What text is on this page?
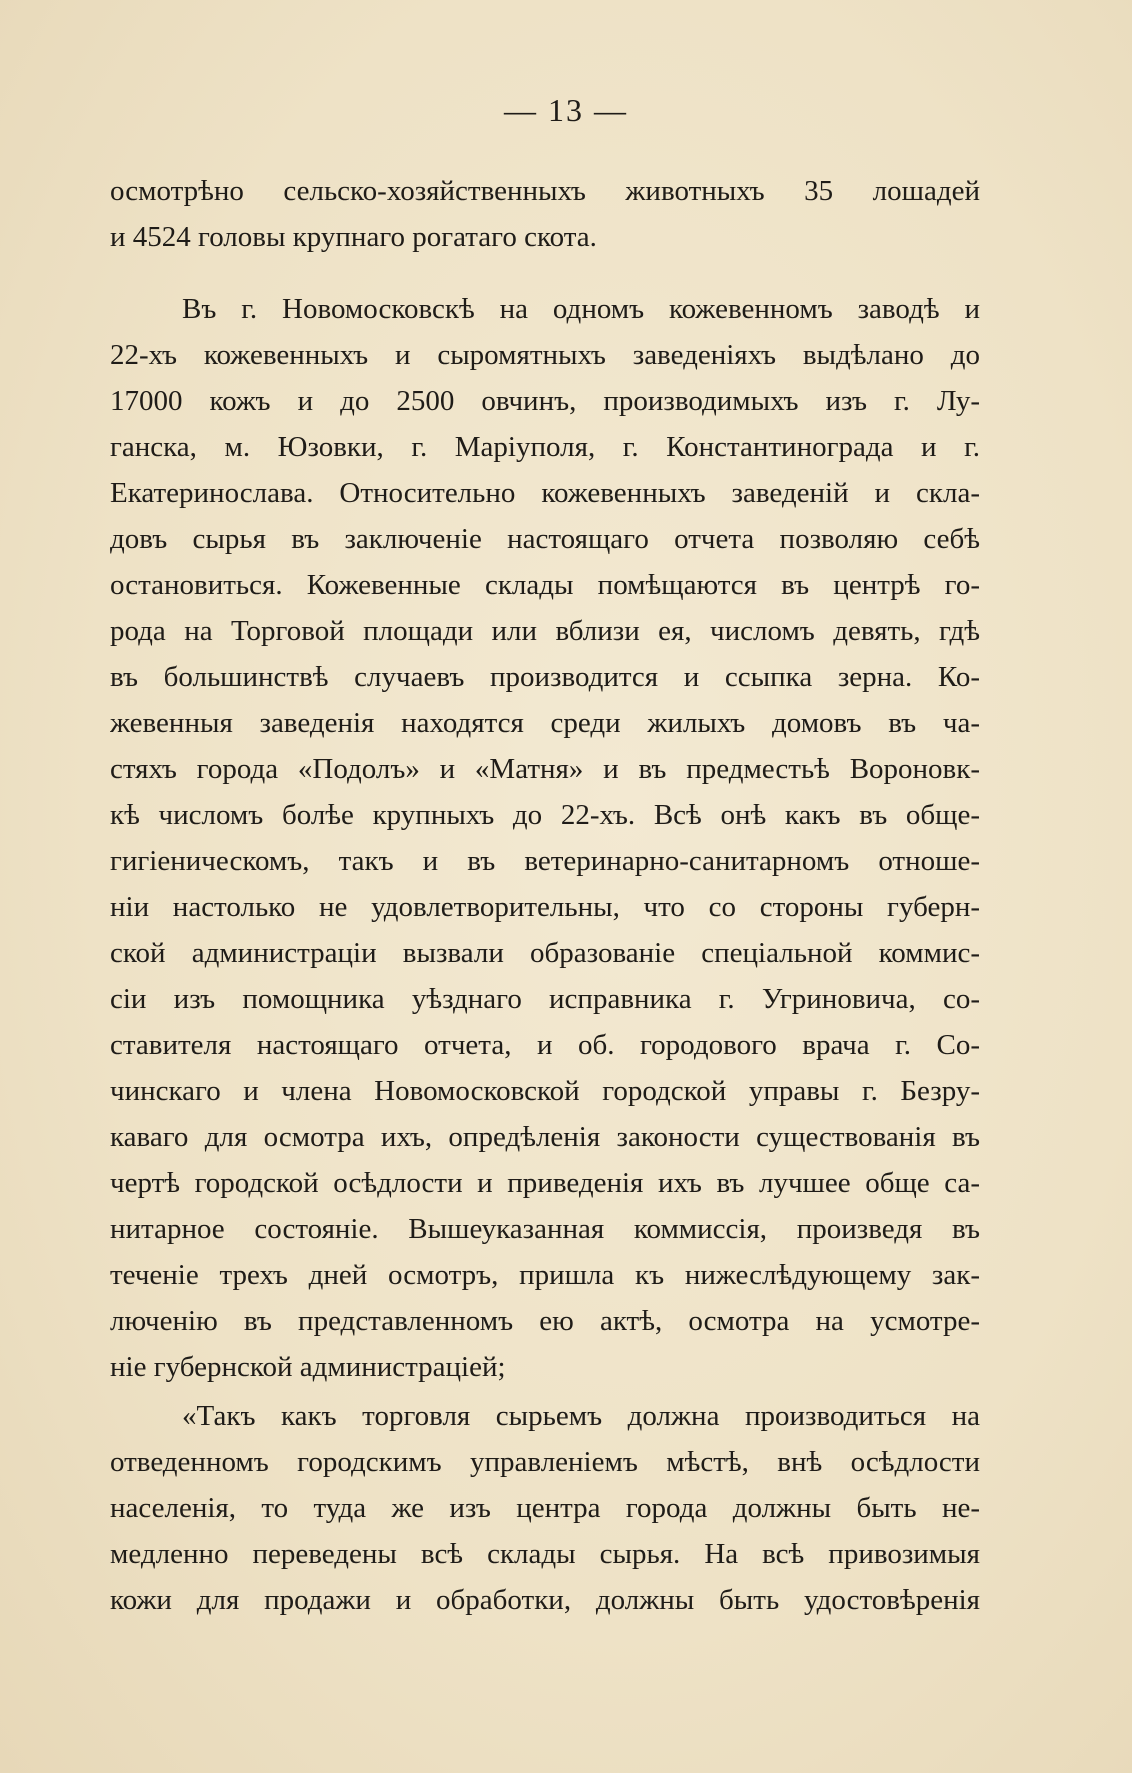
— 13 —
осмотрѣно сельско-хозяйственныхъ животныхъ 35 лошадей
и 4524 головы крупнаго рогатаго скота.
Въ г. Новомосковскѣ на одномъ кожевенномъ заводѣ и
22-хъ кожевенныхъ и сыромятныхъ заведеніяхъ выдѣлано до
17000 кожъ и до 2500 овчинъ, производимыхъ изъ г. Лу-
ганска, м. Юзовки, г. Маріуполя, г. Константинограда и г.
Екатеринослава. Относительно кожевенныхъ заведеній и скла-
довъ сырья въ заключеніе настоящаго отчета позволяю себѣ
остановиться. Кожевенные склады помѣщаются въ центрѣ го-
рода на Торговой площади или вблизи ея, числомъ девять, гдѣ
въ большинствѣ случаевъ производится и ссыпка зерна. Ко-
жевенныя заведенія находятся среди жилыхъ домовъ въ ча-
стяхъ города «Подолъ» и «Матня» и въ предместьѣ Вороновк-
кѣ числомъ болѣе крупныхъ до 22-хъ. Всѣ онѣ какъ въ обще-
гигіеническомъ, такъ и въ ветеринарно-санитарномъ отноше-
ніи настолько не удовлетворительны, что со стороны губерн-
ской администраціи вызвали образованіе спеціальной коммис-
сіи изъ помощника уѣзднаго исправника г. Угриновича, со-
ставителя настоящаго отчета, и об. городового врача г. Со-
чинскаго и члена Новомосковской городской управы г. Безру-
каваго для осмотра ихъ, опредѣленія законости существованія въ
чертѣ городской осѣдлости и приведенія ихъ въ лучшее обще са-
нитарное состояніе. Вышеуказанная коммиссія, произведя въ
теченіе трехъ дней осмотръ, пришла къ нижеслѣдующему зак-
люченію въ представленномъ ею актѣ, осмотра на усмотре-
ніе губернской администраціей;
«Такъ какъ торговля сырьемъ должна производиться на
отведенномъ городскимъ управленіемъ мѣстѣ, внѣ осѣдлости
населенія, то туда же изъ центра города должны быть не-
медленно переведены всѣ склады сырья. На всѣ привозимыя
кожи для продажи и обработки, должны быть удостовѣренія
